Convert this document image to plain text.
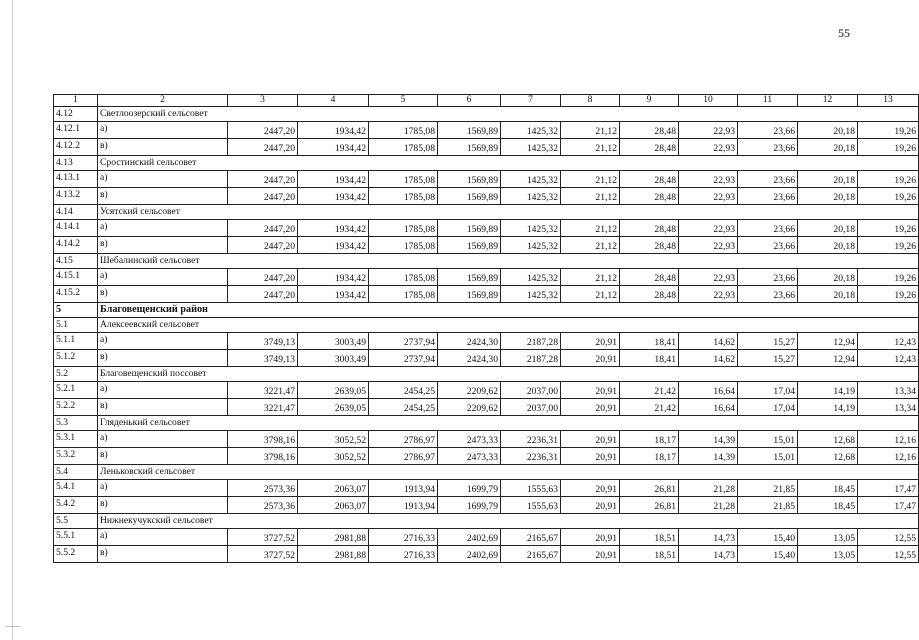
55
1	2	3	4	5	6	7	8	9	10	11	12	13
4.12	Светлоозерский сельсовет											
4.12.1	а)	2447,20	1934,42	1785,08	1569,89	1425,32	21,12	28,48	22,93	23,66	20,18	19,26
4.12.2	в)	2447,20	1934,42	1785,08	1569,89	1425,32	21,12	28,48	22,93	23,66	20,18	19,26
4.13	Сростинский сельсовет											
4.13.1	а)	2447,20	1934,42	1785,08	1569,89	1425,32	21,12	28,48	22,93	23,66	20,18	19,26
4.13.2	в)	2447,20	1934,42	1785,08	1569,89	1425,32	21,12	28,48	22,93	23,66	20,18	19,26
4.14	Усятский сельсовет											
4.14.1	а)	2447,20	1934,42	1785,08	1569,89	1425,32	21,12	28,48	22,93	23,66	20,18	19,26
4.14.2	в)	2447,20	1934,42	1785,08	1569,89	1425,32	21,12	28,48	22,93	23,66	20,18	19,26
4.15	Шебалинский сельсовет											
4.15.1	а)	2447,20	1934,42	1785,08	1569,89	1425,32	21,12	28,48	22,93	23,66	20,18	19,26
4.15.2	в)	2447,20	1934,42	1785,08	1569,89	1425,32	21,12	28,48	22,93	23,66	20,18	19,26
5	Благовещенский район											
5.1	Алексеевский сельсовет											
5.1.1	а)	3749,13	3003,49	2737,94	2424,30	2187,28	20,91	18,41	14,62	15,27	12,94	12,43
5.1.2	в)	3749,13	3003,49	2737,94	2424,30	2187,28	20,91	18,41	14,62	15,27	12,94	12,43
5.2	Благовещенский поссовет											
5.2.1	а)	3221,47	2639,05	2454,25	2209,62	2037,00	20,91	21,42	16,64	17,04	14,19	13,34
5.2.2	в)	3221,47	2639,05	2454,25	2209,62	2037,00	20,91	21,42	16,64	17,04	14,19	13,34
5.3	Гляденький сельсовет											
5.3.1	а)	3798,16	3052,52	2786,97	2473,33	2236,31	20,91	18,17	14,39	15,01	12,68	12,16
5.3.2	в)	3798,16	3052,52	2786,97	2473,33	2236,31	20,91	18,17	14,39	15,01	12,68	12,16
5.4	Леньковский сельсовет											
5.4.1	а)	2573,36	2063,07	1913,94	1699,79	1555,63	20,91	26,81	21,28	21,85	18,45	17,47
5.4.2	в)	2573,36	2063,07	1913,94	1699,79	1555,63	20,91	26,81	21,28	21,85	18,45	17,47
5.5	Нижнекучукский сельсовет											
5.5.1	а)	3727,52	2981,88	2716,33	2402,69	2165,67	20,91	18,51	14,73	15,40	13,05	12,55
5.5.2	в)	3727,52	2981,88	2716,33	2402,69	2165,67	20,91	18,51	14,73	15,40	13,05	12,55
